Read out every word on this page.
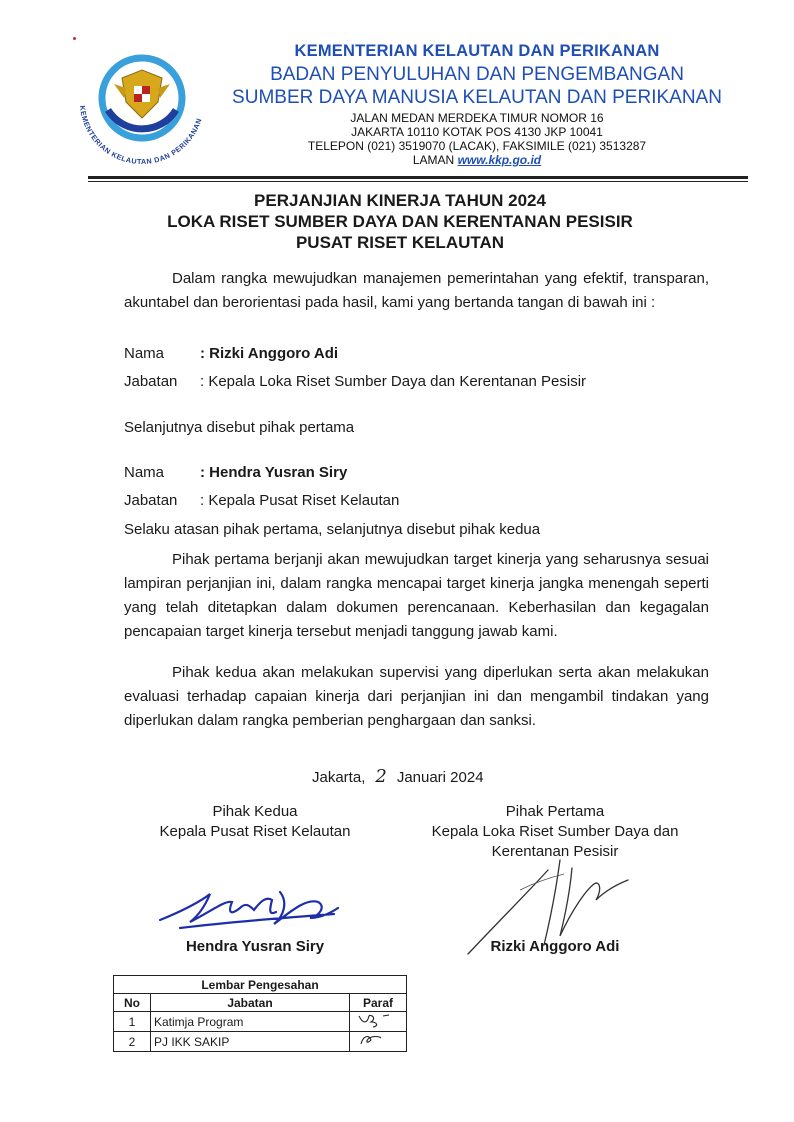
KEMENTERIAN KELAUTAN DAN PERIKANAN
KEMENTERIAN KELAUTAN DAN PERIKANAN
BADAN PENYULUHAN DAN PENGEMBANGAN
SUMBER DAYA MANUSIA KELAUTAN DAN PERIKANAN
JALAN MEDAN MERDEKA TIMUR NOMOR 16
JAKARTA 10110 KOTAK POS 4130 JKP 10041
TELEPON (021) 3519070 (LACAK), FAKSIMILE (021) 3513287
LAMAN www.kkp.go.id
PERJANJIAN KINERJA TAHUN 2024
LOKA RISET SUMBER DAYA DAN KERENTANAN PESISIR
PUSAT RISET KELAUTAN
Dalam rangka mewujudkan manajemen pemerintahan yang efektif, transparan, akuntabel dan berorientasi pada hasil, kami yang bertanda tangan di bawah ini :
Nama : Rizki Anggoro Adi
Jabatan : Kepala Loka Riset Sumber Daya dan Kerentanan Pesisir
Selanjutnya disebut pihak pertama
Nama : Hendra Yusran Siry
Jabatan : Kepala Pusat Riset Kelautan
Selaku atasan pihak pertama, selanjutnya disebut pihak kedua
Pihak pertama berjanji akan mewujudkan target kinerja yang seharusnya sesuai lampiran perjanjian ini, dalam rangka mencapai target kinerja jangka menengah seperti yang telah ditetapkan dalam dokumen perencanaan. Keberhasilan dan kegagalan pencapaian target kinerja tersebut menjadi tanggung jawab kami.
Pihak kedua akan melakukan supervisi yang diperlukan serta akan melakukan evaluasi terhadap capaian kinerja dari perjanjian ini dan mengambil tindakan yang diperlukan dalam rangka pemberian penghargaan dan sanksi.
Jakarta, 2 Januari 2024
Pihak Kedua
Kepala Pusat Riset Kelautan
Pihak Pertama
Kepala Loka Riset Sumber Daya dan
Kerentanan Pesisir
Hendra Yusran Siry	Rizki Anggoro Adi
Lembar Pengesahan		
No	Jabatan	Paraf
1	Katimja Program	
2	PJ IKK SAKIP	
